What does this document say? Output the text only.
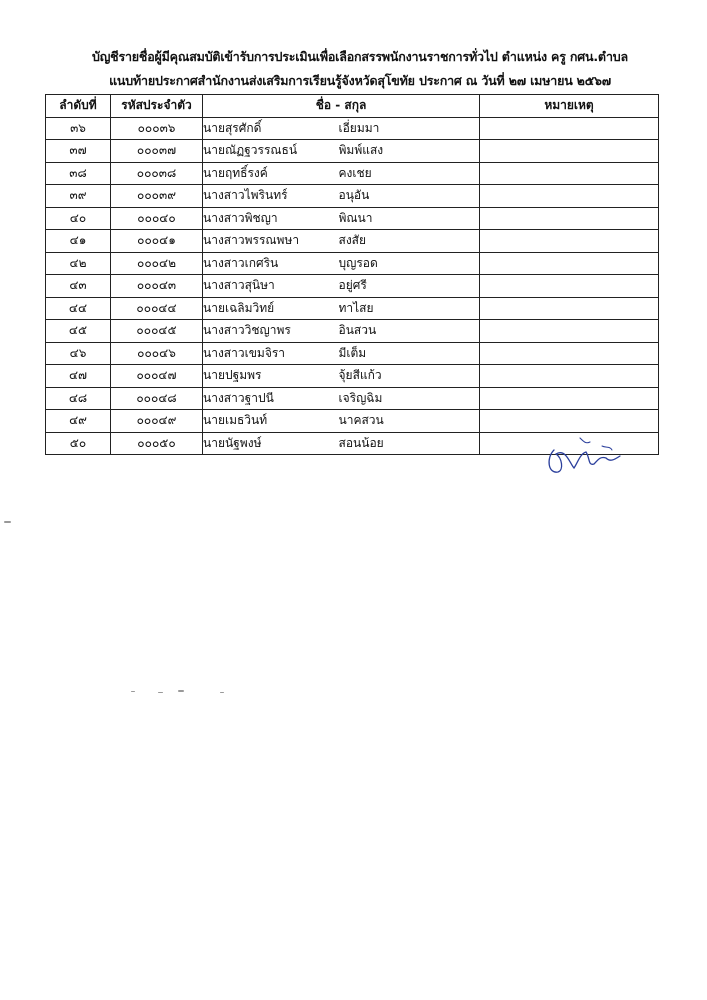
บัญชีรายชื่อผู้มีคุณสมบัติเข้ารับการประเมินเพื่อเลือกสรรพนักงานราชการทั่วไป ตำแหน่ง ครู กศน.ตำบล
แนบท้ายประกาศสำนักงานส่งเสริมการเรียนรู้จังหวัดสุโขทัย ประกาศ ณ วันที่ ๒๗ เมษายน ๒๕๖๗
ลำดับที่	รหัสประจำตัว	ชื่อ - สกุล		หมายเหตุ
๓๖	๐๐๐๓๖	นายสุรศักดิ์	เอี่ยมมา	
๓๗	๐๐๐๓๗	นายณัฏฐวรรณธน์	พิมพ์แสง	
๓๘	๐๐๐๓๘	นายฤทธิ์รงค์	คงเชย	
๓๙	๐๐๐๓๙	นางสาวไพรินทร์	อนุอัน	
๔๐	๐๐๐๔๐	นางสาวพิชญา	พิณนา	
๔๑	๐๐๐๔๑	นางสาวพรรณพษา	สงสัย	
๔๒	๐๐๐๔๒	นางสาวเกศริน	บุญรอด	
๔๓	๐๐๐๔๓	นางสาวสุนิษา	อยู่ศรี	
๔๔	๐๐๐๔๔	นายเฉลิมวิทย์	ทาไสย	
๔๕	๐๐๐๔๕	นางสาววิชญาพร	อินสวน	
๔๖	๐๐๐๔๖	นางสาวเขมจิรา	มีเต็ม	
๔๗	๐๐๐๔๗	นายปฐมพร	จุ้ยสีแก้ว	
๔๘	๐๐๐๔๘	นางสาวฐาปนี	เจริญฉิม	
๔๙	๐๐๐๔๙	นายเมธวินท์	นาคสวน	
๕๐	๐๐๐๕๐	นายนัฐพงษ์	สอนน้อย	
